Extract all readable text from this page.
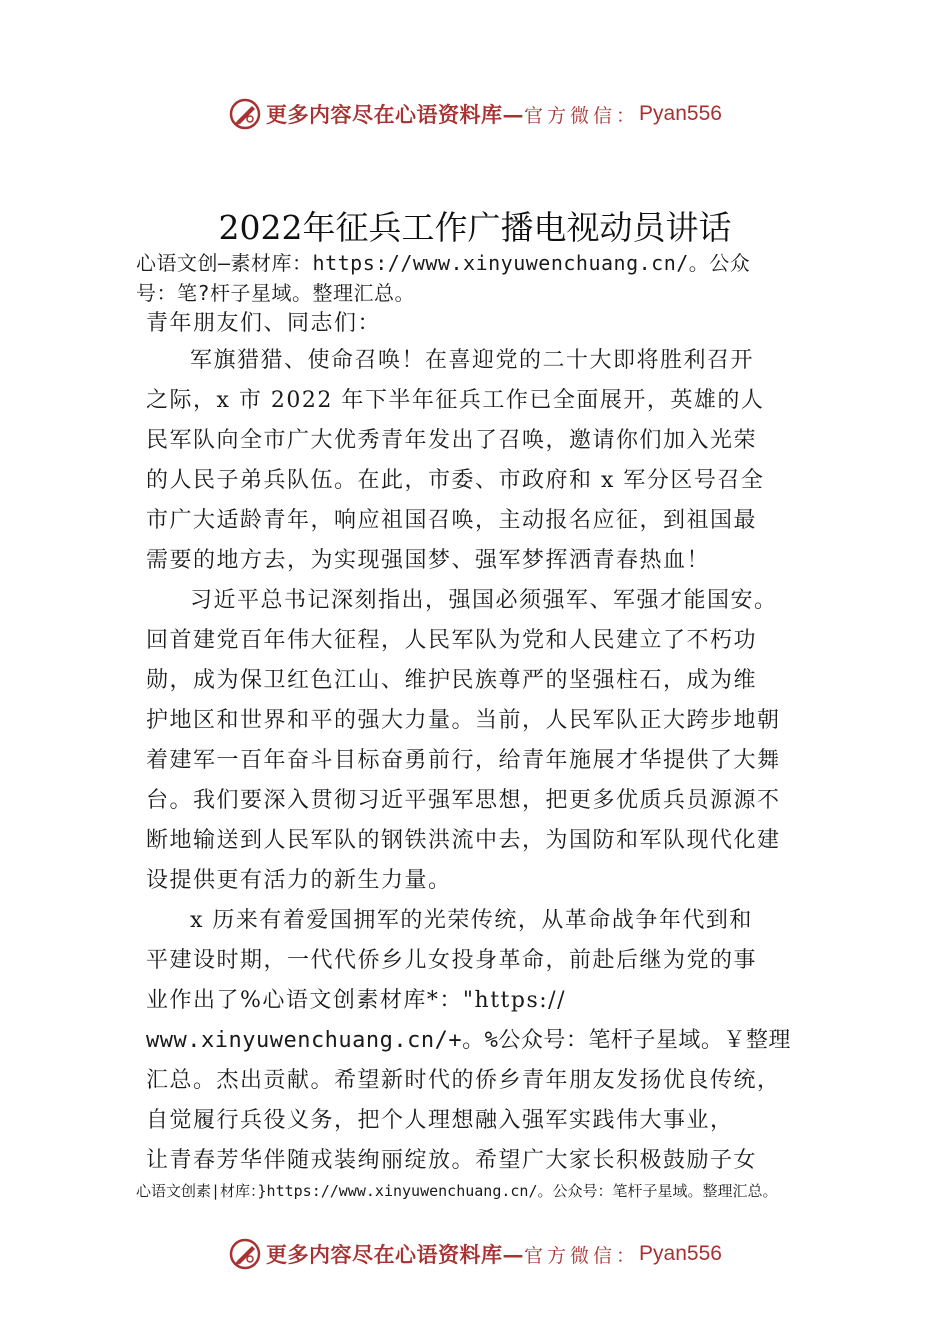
更多内容尽在心语资料库 — 官方微信： Pyan556
2022年征兵工作广播电视动员讲话
心语文创—素材库：https://www.xinyuwenchuang.cn/。公众
号：笔?杆子星域。整理汇总。
青年朋友们、同志们：
军旗猎猎、使命召唤！在喜迎党的二十大即将胜利召开
之际，x 市 2022 年下半年征兵工作已全面展开，英雄的人
民军队向全市广大优秀青年发出了召唤，邀请你们加入光荣
的人民子弟兵队伍。在此，市委、市政府和 x 军分区号召全
市广大适龄青年，响应祖国召唤，主动报名应征，到祖国最
需要的地方去，为实现强国梦、强军梦挥洒青春热血！
习近平总书记深刻指出，强国必须强军、军强才能国安。
回首建党百年伟大征程，人民军队为党和人民建立了不朽功
勋，成为保卫红色江山、维护民族尊严的坚强柱石，成为维
护地区和世界和平的强大力量。当前，人民军队正大跨步地朝
着建军一百年奋斗目标奋勇前行，给青年施展才华提供了大舞
台。我们要深入贯彻习近平强军思想，把更多优质兵员源源不
断地输送到人民军队的钢铁洪流中去，为国防和军队现代化建
设提供更有活力的新生力量。
x 历来有着爱国拥军的光荣传统，从革命战争年代到和
平建设时期，一代代侨乡儿女投身革命，前赴后继为党的事
业作出了%心语文创素材库*："https://
www.xinyuwenchuang.cn/+。%公众号：笔杆子星域。￥整理
汇总。杰出贡献。希望新时代的侨乡青年朋友发扬优良传统，
自觉履行兵役义务，把个人理想融入强军实践伟大事业，
让青春芳华伴随戎装绚丽绽放。希望广大家长积极鼓励子女
心语文创素|材库：}https://www.xinyuwenchuang.cn/。公众号：笔杆子星域。整理汇总。
更多内容尽在心语资料库 — 官方微信： Pyan556
